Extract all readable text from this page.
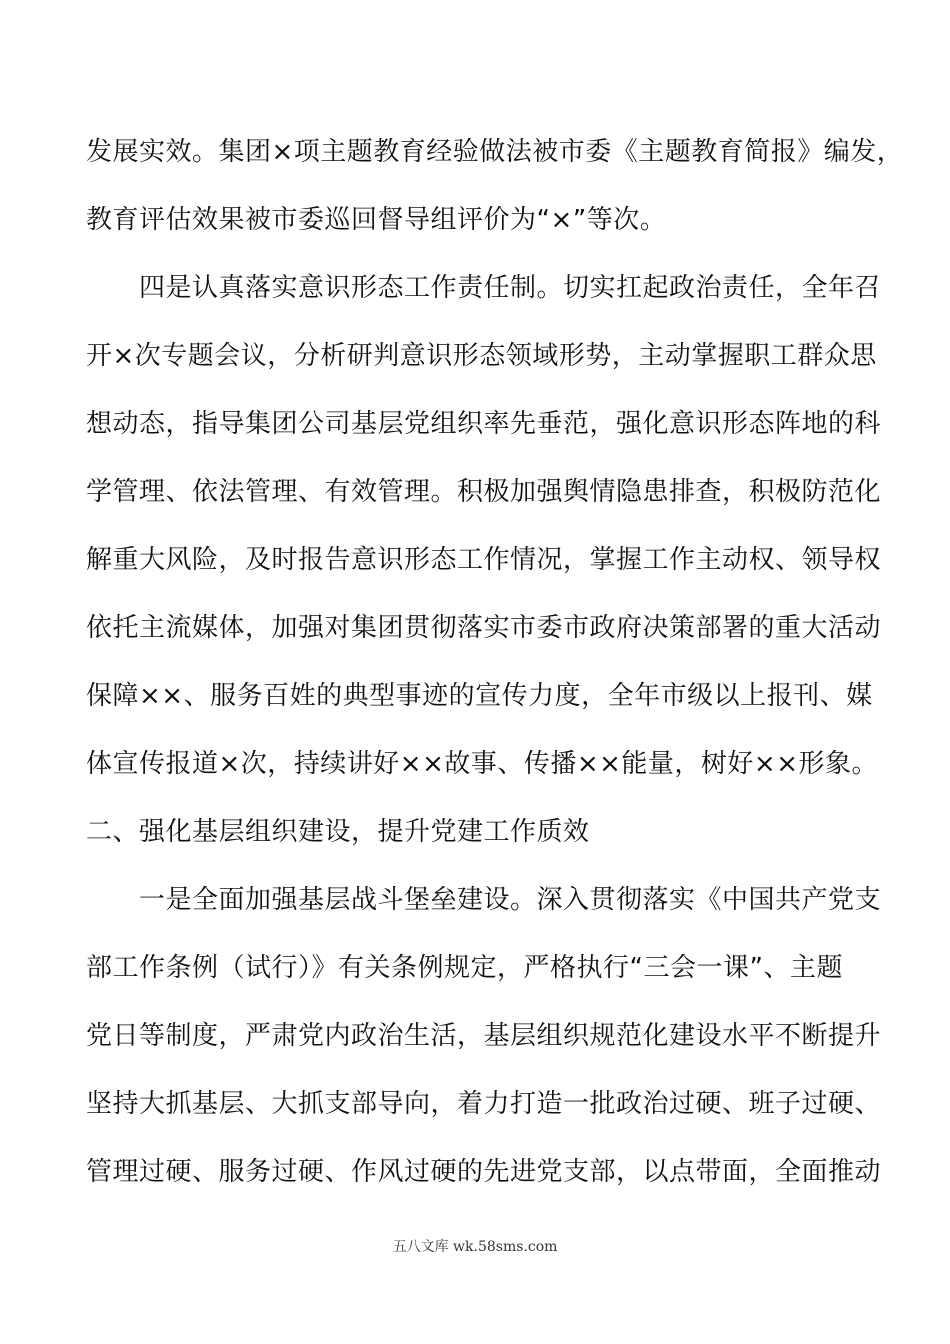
发展实效。集团×项主题教育经验做法被市委《主题教育简报》编发，
教育评估效果被市委巡回督导组评价为“×”等次。
　　四是认真落实意识形态工作责任制。切实扛起政治责任，全年召
开×次专题会议，分析研判意识形态领域形势，主动掌握职工群众思
想动态，指导集团公司基层党组织率先垂范，强化意识形态阵地的科
学管理、依法管理、有效管理。积极加强舆情隐患排查，积极防范化
解重大风险，及时报告意识形态工作情况，掌握工作主动权、领导权
依托主流媒体，加强对集团贯彻落实市委市政府决策部署的重大活动
保障××、服务百姓的典型事迹的宣传力度，全年市级以上报刊、媒
体宣传报道×次，持续讲好××故事、传播××能量，树好××形象。
二、强化基层组织建设，提升党建工作质效
　　一是全面加强基层战斗堡垒建设。深入贯彻落实《中国共产党支
部工作条例（试行）》有关条例规定，严格执行“三会一课”、主题
党日等制度，严肃党内政治生活，基层组织规范化建设水平不断提升
坚持大抓基层、大抓支部导向，着力打造一批政治过硬、班子过硬、
管理过硬、服务过硬、作风过硬的先进党支部，以点带面，全面推动
五八文库 wk.58sms.com
